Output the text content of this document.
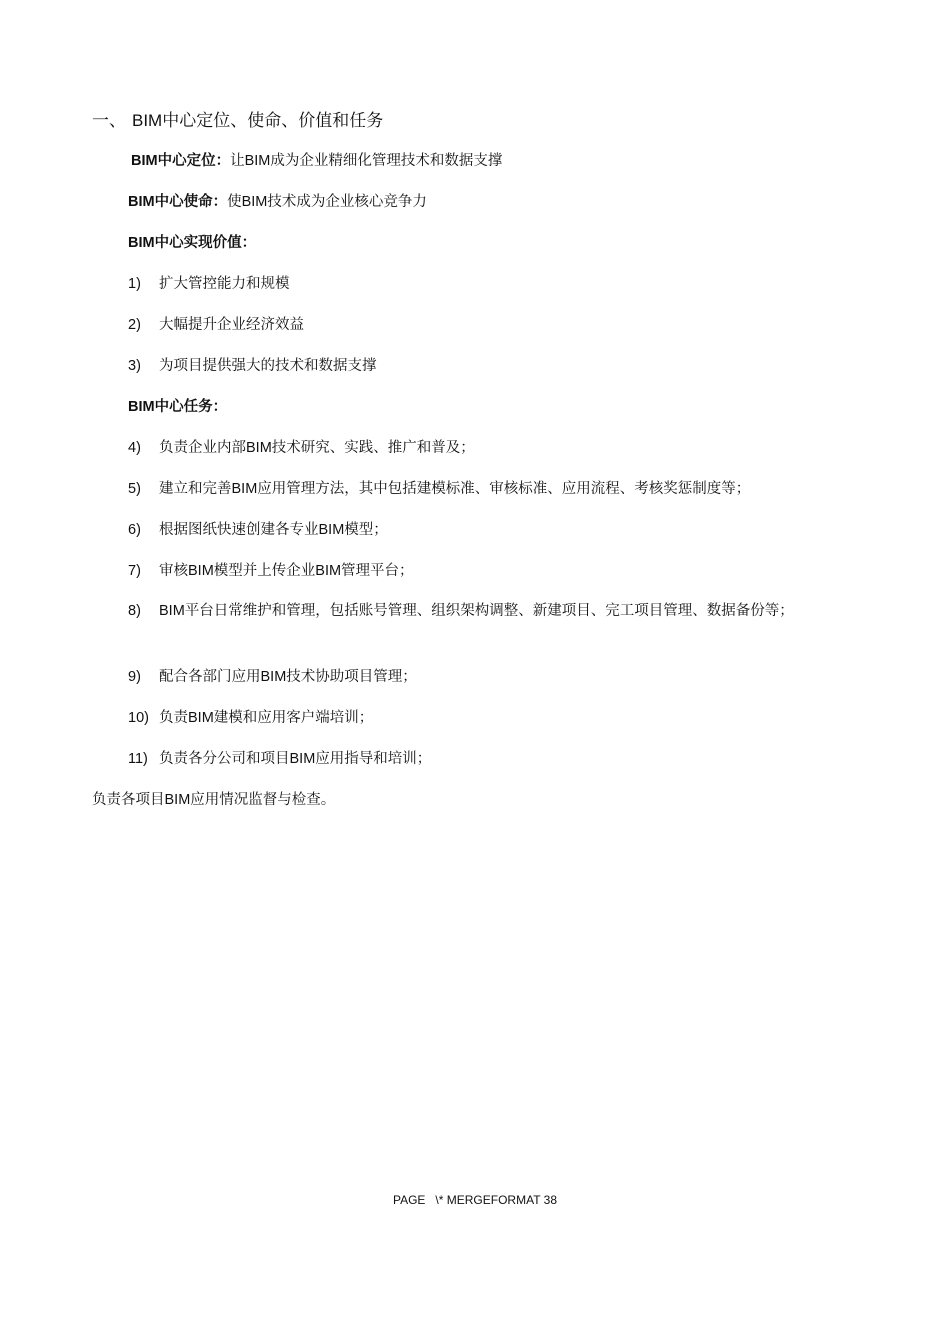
一、 BIM中心定位、使命、价值和任务
BIM中心定位：让BIM成为企业精细化管理技术和数据支撑
BIM中心使命：使BIM技术成为企业核心竞争力
BIM中心实现价值：
1)	扩大管控能力和规模
2)	大幅提升企业经济效益
3)	为项目提供强大的技术和数据支撑
BIM中心任务：
4)	负责企业内部BIM技术研究、实践、推广和普及；
5)	建立和完善BIM应用管理方法，其中包括建模标准、审核标准、应用流程、考核奖惩制度等；
6)	根据图纸快速创建各专业BIM模型；
7)	审核BIM模型并上传企业BIM管理平台；
8)	BIM平台日常维护和管理，包括账号管理、组织架构调整、新建项目、完工项目管理、数据备份等；
9)	配合各部门应用BIM技术协助项目管理；
10) 负责BIM建模和应用客户端培训；
11) 负责各分公司和项目BIM应用指导和培训；
负责各项目BIM应用情况监督与检查。
PAGE   \* MERGEFORMAT 38
